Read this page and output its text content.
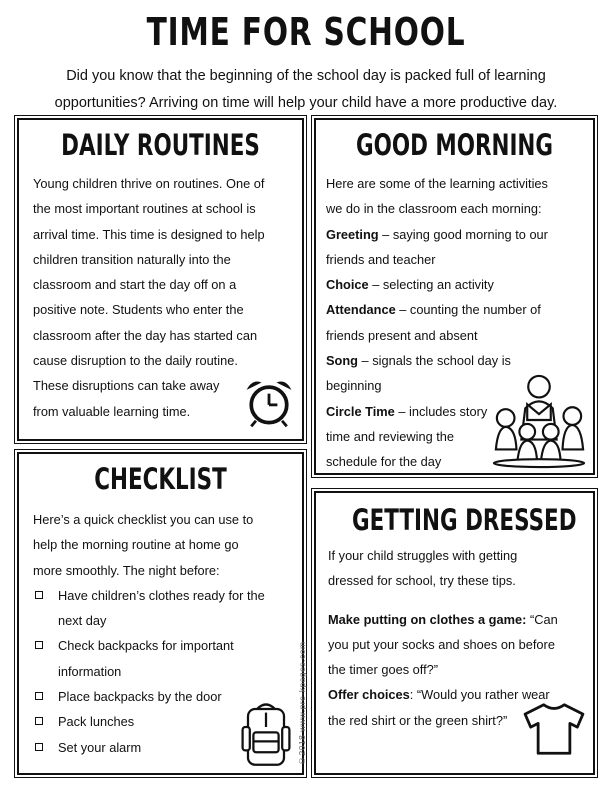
TIME FOR SCHOOL
Did you know that the beginning of the school day is packed full of learning opportunities? Arriving on time will help your child have a more productive day.
DAILY ROUTINES

Young children thrive on routines. One of

the most important routines at school is

arrival time. This time is designed to help

children transition naturally into the

classroom and start the day off on a

positive note. Students who enter the

classroom after the day has started can

cause disruption to the daily routine.

These disruptions can take away

from valuable learning time.

GOOD MORNING

Here are some of the learning activities

we do in the classroom each morning:

Greeting – saying good morning to our

friends and teacher

Choice – selecting an activity

Attendance – counting the number of

friends present and absent

Song – signals the school day is

beginning

Circle Time – includes story

time and reviewing the

schedule for the day

CHECKLIST

Here’s a quick checklist you can use to

help the morning routine at home go

more smoothly. The night before:

Have children’s clothes ready for the
next day
Check backpacks for important
information
Place backpacks by the door
Pack lunches
Set your alarm	©2018 www.pre-kpages.com
GETTING DRESSED

If your child struggles with getting

dressed for school, try these tips.

Make putting on clothes a game: “Can

you put your socks and shoes on before

the timer goes off?”

Offer choices: “Would you rather wear

the red shirt or the green shirt?”
